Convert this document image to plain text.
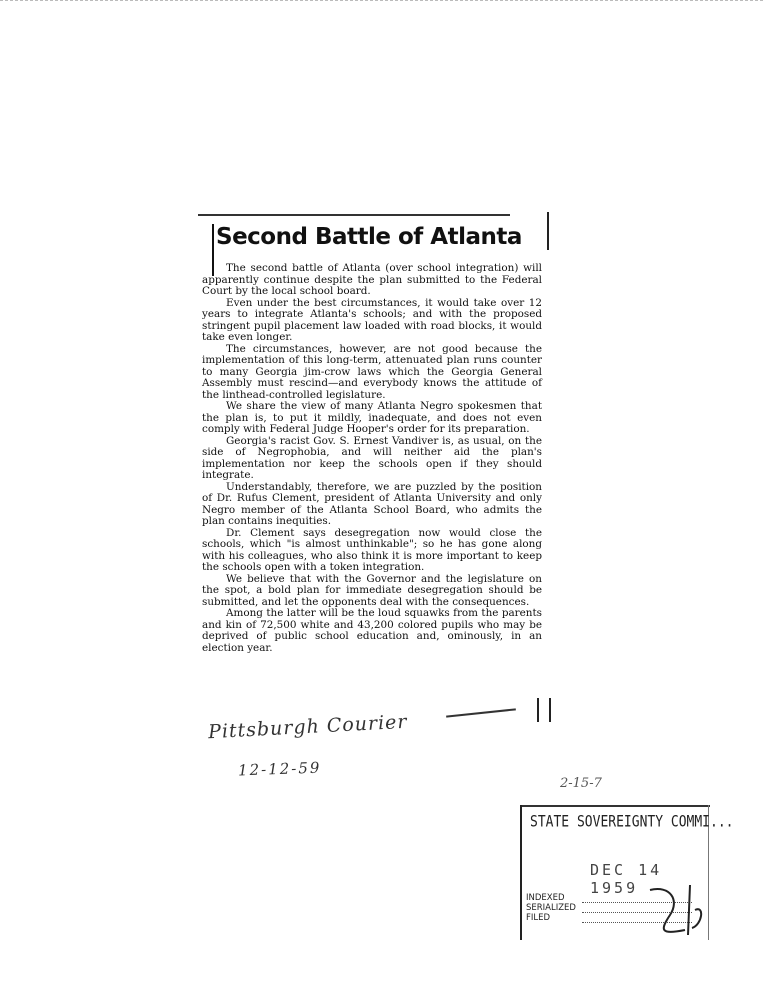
Second Battle of Atlanta

The second battle of Atlanta (over school integration) will apparently continue despite the plan submitted to the Federal Court by the local school board.

Even under the best circumstances, it would take over 12 years to integrate Atlanta's schools; and with the proposed stringent pupil placement law loaded with road blocks, it would take even longer.

The circumstances, however, are not good because the implementation of this long-term, attenuated plan runs counter to many Georgia jim-crow laws which the Georgia General Assembly must rescind—and everybody knows the attitude of the linthead-controlled legislature.

We share the view of many Atlanta Negro spokesmen that the plan is, to put it mildly, inadequate, and does not even comply with Federal Judge Hooper's order for its preparation.

Georgia's racist Gov. S. Ernest Vandiver is, as usual, on the side of Negrophobia, and will neither aid the plan's implementation nor keep the schools open if they should integrate.

Understandably, therefore, we are puzzled by the position of Dr. Rufus Clement, president of Atlanta University and only Negro member of the Atlanta School Board, who admits the plan contains inequities.

Dr. Clement says desegregation now would close the schools, which "is almost unthinkable"; so he has gone along with his colleagues, who also think it is more important to keep the schools open with a token integration.

We believe that with the Governor and the legislature on the spot, a bold plan for immediate desegregation should be submitted, and let the opponents deal with the consequences.

Among the latter will be the loud squawks from the parents and kin of 72,500 white and 43,200 colored pupils who may be deprived of public school education and, ominously, in an election year.

Pittsburgh Courier
12-12-59
2-15-7
STATE SOVEREIGNTY COMMI...
DEC 14 1959
INDEXED
SERIALIZED
FILED
